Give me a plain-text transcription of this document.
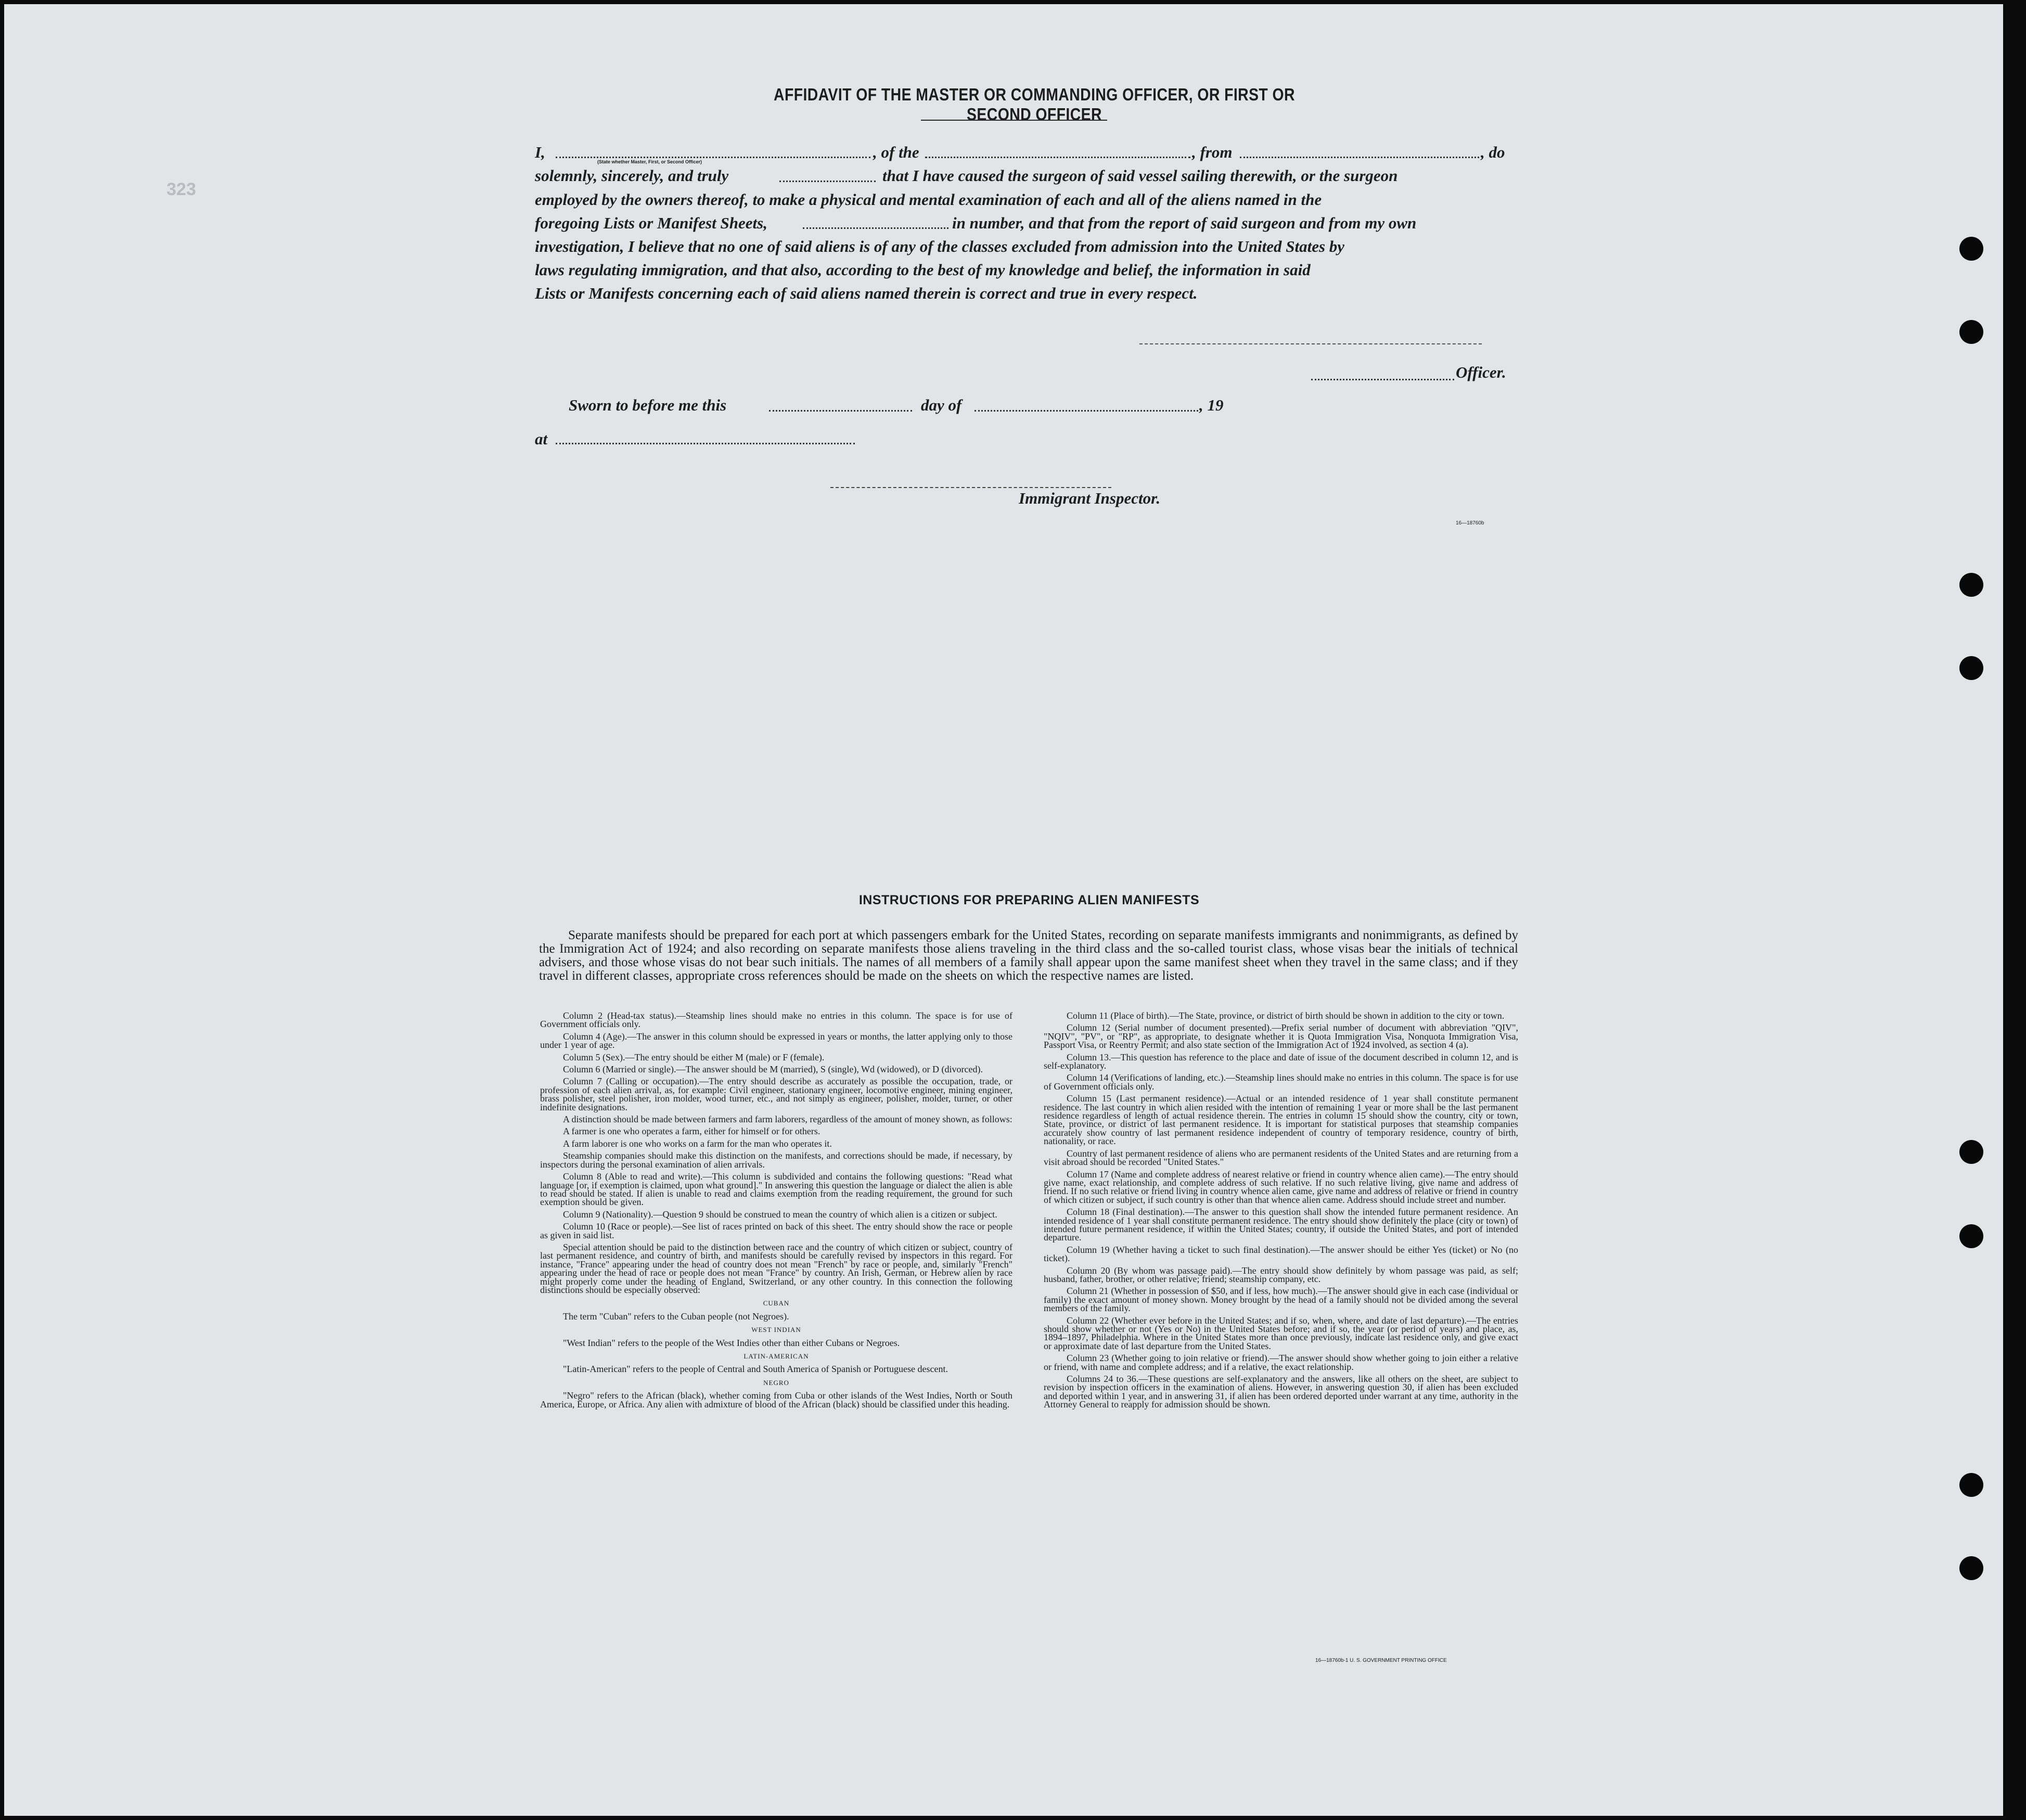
323
AFFIDAVIT OF THE MASTER OR COMMANDING OFFICER, OR FIRST OR SECOND OFFICER
I,
(State whether Master, First, or Second Officer)
, of the	, from	, do
solemnly, sincerely, and truly	that I have caused the surgeon of said vessel sailing therewith, or the surgeon
employed by the owners thereof, to make a physical and mental examination of each and all of the aliens named in the
foregoing Lists or Manifest Sheets,	in number, and that from the report of said surgeon and from my own
investigation, I believe that no one of said aliens is of any of the classes excluded from admission into the United States by
laws regulating immigration, and that also, according to the best of my knowledge and belief, the information in said
Lists or Manifests concerning each of said aliens named therein is correct and true in every respect.
Officer.
Sworn to before me this	day of	, 19
at
Immigrant Inspector.
16—18760b
INSTRUCTIONS FOR PREPARING ALIEN MANIFESTS
Separate manifests should be prepared for each port at which passengers embark for the United States, recording on separate manifests immigrants and nonimmigrants, as defined by the Immigration Act of 1924; and also recording on separate manifests those aliens traveling in the third class and the so-called tourist class, whose visas bear the initials of technical advisers, and those whose visas do not bear such initials. The names of all members of a family shall appear upon the same manifest sheet when they travel in the same class; and if they travel in different classes, appropriate cross references should be made on the sheets on which the respective names are listed.

Column 2 (Head-tax status).—Steamship lines should make no entries in this column. The space is for use of Government officials only.

Column 4 (Age).—The answer in this column should be expressed in years or months, the latter applying only to those under 1 year of age.

Column 5 (Sex).—The entry should be either M (male) or F (female).

Column 6 (Married or single).—The answer should be M (married), S (single), Wd (widowed), or D (divorced).

Column 7 (Calling or occupation).—The entry should describe as accurately as possible the occupation, trade, or profession of each alien arrival, as, for example: Civil engineer, stationary engineer, locomotive engineer, mining engineer, brass polisher, steel polisher, iron molder, wood turner, etc., and not simply as engineer, polisher, molder, turner, or other indefinite designations.

A distinction should be made between farmers and farm laborers, regardless of the amount of money shown, as follows:

A farmer is one who operates a farm, either for himself or for others.

A farm laborer is one who works on a farm for the man who operates it.

Steamship companies should make this distinction on the manifests, and corrections should be made, if necessary, by inspectors during the personal examination of alien arrivals.

Column 8 (Able to read and write).—This column is subdivided and contains the following questions: "Read what language [or, if exemption is claimed, upon what ground]." In answering this question the language or dialect the alien is able to read should be stated. If alien is unable to read and claims exemption from the reading requirement, the ground for such exemption should be given.

Column 9 (Nationality).—Question 9 should be construed to mean the country of which alien is a citizen or subject.

Column 10 (Race or people).—See list of races printed on back of this sheet. The entry should show the race or people as given in said list.

Special attention should be paid to the distinction between race and the country of which citizen or subject, country of last permanent residence, and country of birth, and manifests should be carefully revised by inspectors in this regard. For instance, "France" appearing under the head of country does not mean "French" by race or people, and, similarly "French" appearing under the head of race or people does not mean "France" by country. An Irish, German, or Hebrew alien by race might properly come under the heading of England, Switzerland, or any other country. In this connection the following distinctions should be especially observed:

CUBAN

The term "Cuban" refers to the Cuban people (not Negroes).

WEST INDIAN

"West Indian" refers to the people of the West Indies other than either Cubans or Negroes.

LATIN-AMERICAN

"Latin-American" refers to the people of Central and South America of Spanish or Portuguese descent.

NEGRO

"Negro" refers to the African (black), whether coming from Cuba or other islands of the West Indies, North or South America, Europe, or Africa. Any alien with admixture of blood of the African (black) should be classified under this heading.

Column 11 (Place of birth).—The State, province, or district of birth should be shown in addition to the city or town.

Column 12 (Serial number of document presented).—Prefix serial number of document with abbreviation "QIV", "NQIV", "PV", or "RP", as appropriate, to designate whether it is Quota Immigration Visa, Nonquota Immigration Visa, Passport Visa, or Reentry Permit; and also state section of the Immigration Act of 1924 involved, as section 4 (a).

Column 13.—This question has reference to the place and date of issue of the document described in column 12, and is self-explanatory.

Column 14 (Verifications of landing, etc.).—Steamship lines should make no entries in this column. The space is for use of Government officials only.

Column 15 (Last permanent residence).—Actual or an intended residence of 1 year shall constitute permanent residence. The last country in which alien resided with the intention of remaining 1 year or more shall be the last permanent residence regardless of length of actual residence therein. The entries in column 15 should show the country, city or town, State, province, or district of last permanent residence. It is important for statistical purposes that steamship companies accurately show country of last permanent residence independent of country of temporary residence, country of birth, nationality, or race.

Country of last permanent residence of aliens who are permanent residents of the United States and are returning from a visit abroad should be recorded "United States."

Column 17 (Name and complete address of nearest relative or friend in country whence alien came).—The entry should give name, exact relationship, and complete address of such relative. If no such relative living, give name and address of friend. If no such relative or friend living in country whence alien came, give name and address of relative or friend in country of which citizen or subject, if such country is other than that whence alien came. Address should include street and number.

Column 18 (Final destination).—The answer to this question shall show the intended future permanent residence. An intended residence of 1 year shall constitute permanent residence. The entry should show definitely the place (city or town) of intended future permanent residence, if within the United States; country, if outside the United States, and port of intended departure.

Column 19 (Whether having a ticket to such final destination).—The answer should be either Yes (ticket) or No (no ticket).

Column 20 (By whom was passage paid).—The entry should show definitely by whom passage was paid, as self; husband, father, brother, or other relative; friend; steamship company, etc.

Column 21 (Whether in possession of $50, and if less, how much).—The answer should give in each case (individual or family) the exact amount of money shown. Money brought by the head of a family should not be divided among the several members of the family.

Column 22 (Whether ever before in the United States; and if so, when, where, and date of last departure).—The entries should show whether or not (Yes or No) in the United States before; and if so, the year (or period of years) and place, as, 1894–1897, Philadelphia. Where in the United States more than once previously, indicate last residence only, and give exact or approximate date of last departure from the United States.

Column 23 (Whether going to join relative or friend).—The answer should show whether going to join either a relative or friend, with name and complete address; and if a relative, the exact relationship.

Columns 24 to 36.—These questions are self-explanatory and the answers, like all others on the sheet, are subject to revision by inspection officers in the examination of aliens. However, in answering question 30, if alien has been excluded and deported within 1 year, and in answering 31, if alien has been ordered deported under warrant at any time, authority in the Attorney General to reapply for admission should be shown.

16—18760b-1 U. S. GOVERNMENT PRINTING OFFICE
